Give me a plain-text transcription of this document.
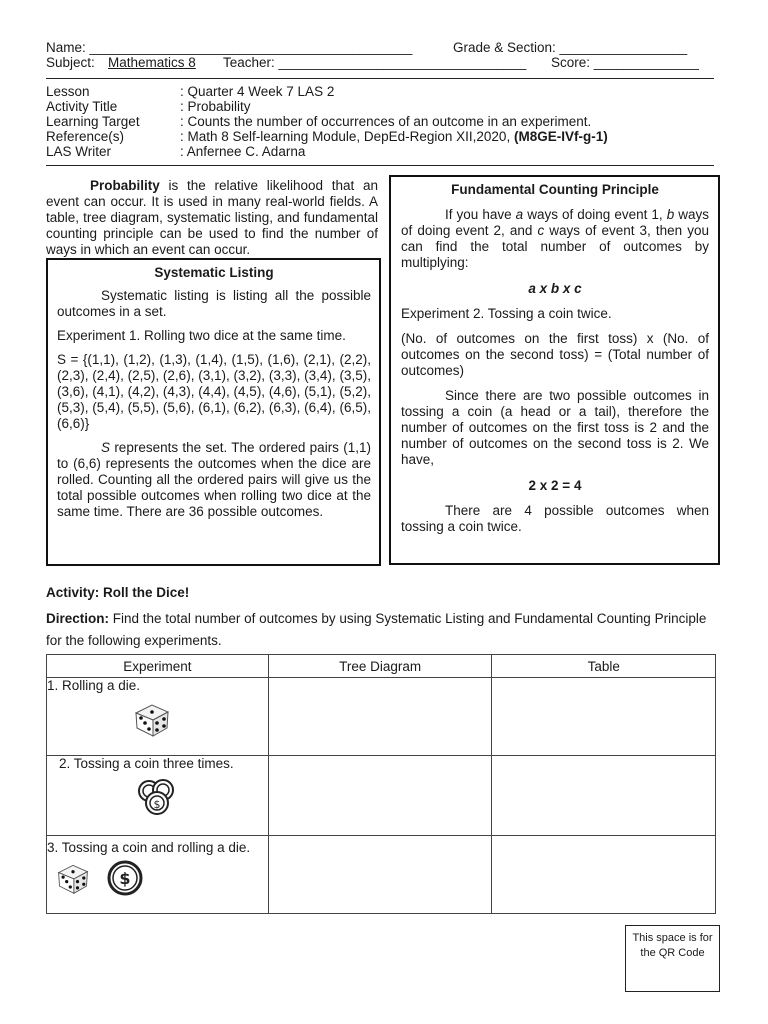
Name: ___________________________________________	Grade & Section: _________________
Subject: Mathematics 8 Teacher: _________________________________ Score: ______________
Lesson	: Quarter 4 Week 7 LAS 2
Activity Title	: Probability
Learning Target	: Counts the number of occurrences of an outcome in an experiment.
Reference(s)	: Math 8 Self-learning Module, DepEd-Region XII,2020, (M8GE-IVf-g-1)
LAS Writer	: Anfernee C. Adarna

Probability is the relative likelihood that an event can occur. It is used in many real-world fields. A table, tree diagram, systematic listing, and fundamental counting principle can be used to find the number of ways in which an event can occur.

Systematic Listing

Systematic listing is listing all the possible outcomes in a set.

Experiment 1. Rolling two dice at the same time.

S = {(1,1), (1,2), (1,3), (1,4), (1,5), (1,6), (2,1), (2,2), (2,3), (2,4), (2,5), (2,6), (3,1), (3,2), (3,3), (3,4), (3,5), (3,6), (4,1), (4,2), (4,3), (4,4), (4,5), (4,6), (5,1), (5,2), (5,3), (5,4), (5,5), (5,6), (6,1), (6,2), (6,3), (6,4), (6,5), (6,6)}

S represents the set. The ordered pairs (1,1) to (6,6) represents the outcomes when the dice are rolled. Counting all the ordered pairs will give us the total possible outcomes when rolling two dice at the same time. There are 36 possible outcomes.

Fundamental Counting Principle

If you have a ways of doing event 1, b ways of doing event 2, and c ways of event 3, then you can find the total number of outcomes by multiplying:

a x b x c

Experiment 2. Tossing a coin twice.

(No. of outcomes on the first toss) x (No. of outcomes on the second toss) = (Total number of outcomes)

Since there are two possible outcomes in tossing a coin (a head or a tail), therefore the number of outcomes on the first toss is 2 and the number of outcomes on the second toss is 2. We have,

2 x 2 = 4

There are 4 possible outcomes when tossing a coin twice.

Activity: Roll the Dice!
Direction: Find the total number of outcomes by using Systematic Listing and Fundamental Counting Principle for the following experiments.
Experiment	Tree Diagram	Table

1. Rolling a die.		

2. Tossing a coin three times.
$		

3. Tossing a coin and rolling a die.
$		

This space is for the QR Code
